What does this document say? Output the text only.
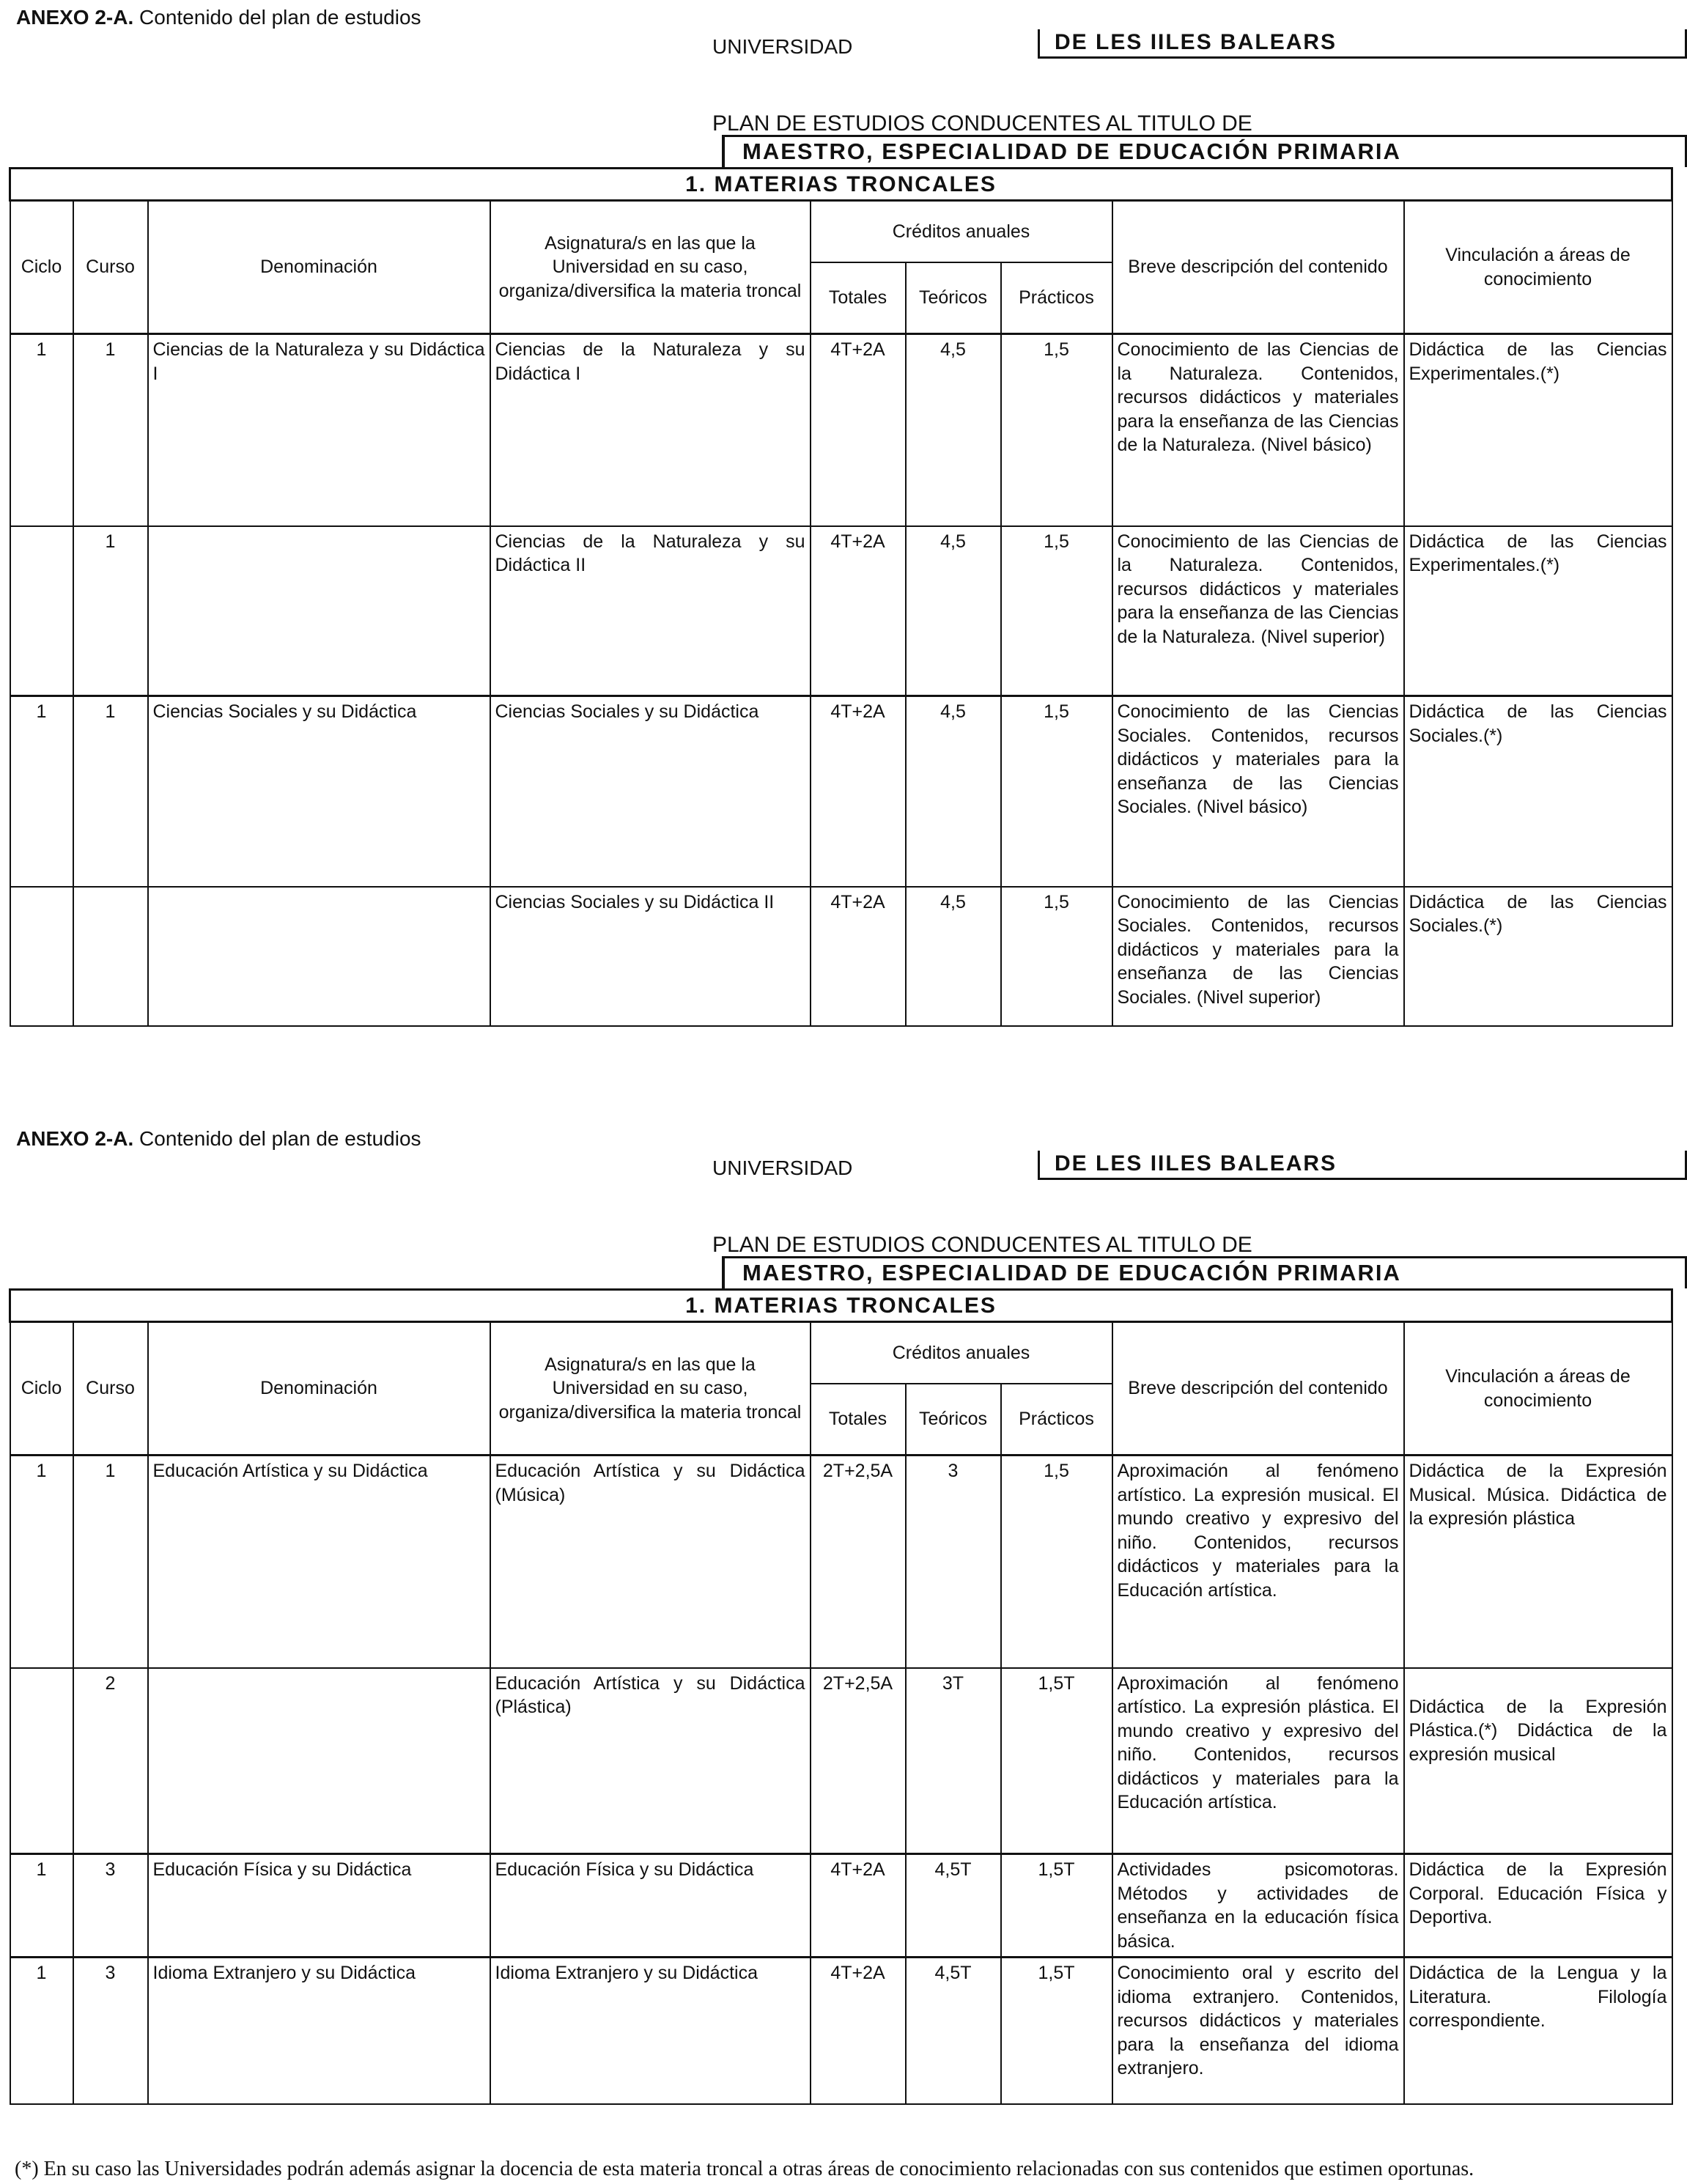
ANEXO 2-A. Contenido del plan de estudios
UNIVERSIDAD	DE LES IILES BALEARS
PLAN DE ESTUDIOS CONDUCENTES AL TITULO DE
MAESTRO, ESPECIALIDAD DE EDUCACIÓN PRIMARIA
1. MATERIAS TRONCALES								
Ciclo	Curso	Denominación	Asignatura/s en las que la Universidad en su caso, organiza/diversifica la materia troncal	Créditos anuales			Breve descripción del contenido	Vinculación a áreas de conocimiento
				Totales	Teóricos	Prácticos		
1	1	Ciencias de la Naturaleza y su Didáctica I	Ciencias de la Naturaleza y su Didáctica I	4T+2A	4,5	1,5	Conocimiento de las Ciencias de la Naturaleza. Contenidos, recursos didácticos y materiales para la enseñanza de las Ciencias de la Naturaleza. (Nivel básico)	Didáctica de las Ciencias Experimentales.(*)
	1		Ciencias de la Naturaleza y su Didáctica II	4T+2A	4,5	1,5	Conocimiento de las Ciencias de la Naturaleza. Contenidos, recursos didácticos y materiales para la enseñanza de las Ciencias de la Naturaleza. (Nivel superior)	Didáctica de las Ciencias Experimentales.(*)
1	1	Ciencias Sociales y su Didáctica	Ciencias Sociales y su Didáctica	4T+2A	4,5	1,5	Conocimiento de las Ciencias Sociales. Contenidos, recursos didácticos y materiales para la enseñanza de las Ciencias Sociales. (Nivel básico)	Didáctica de las Ciencias Sociales.(*)
			Ciencias Sociales y su Didáctica II	4T+2A	4,5	1,5	Conocimiento de las Ciencias Sociales. Contenidos, recursos didácticos y materiales para la enseñanza de las Ciencias Sociales. (Nivel superior)	Didáctica de las Ciencias Sociales.(*)

ANEXO 2-A. Contenido del plan de estudios
UNIVERSIDAD	DE LES IILES BALEARS
PLAN DE ESTUDIOS CONDUCENTES AL TITULO DE
MAESTRO, ESPECIALIDAD DE EDUCACIÓN PRIMARIA
1. MATERIAS TRONCALES								
Ciclo	Curso	Denominación	Asignatura/s en las que la Universidad en su caso, organiza/diversifica la materia troncal	Créditos anuales			Breve descripción del contenido	Vinculación a áreas de conocimiento
				Totales	Teóricos	Prácticos		
1	1	Educación Artística y su Didáctica	Educación Artística y su Didáctica (Música)	2T+2,5A	3	1,5	Aproximación al fenómeno artístico. La expresión musical. El mundo creativo y expresivo del niño. Contenidos, recursos didácticos y materiales para la Educación artística.	Didáctica de la Expresión Musical. Música. Didáctica de la expresión plástica
	2		Educación Artística y su Didáctica (Plástica)	2T+2,5A	3T	1,5T	Aproximación al fenómeno artístico. La expresión plástica. El mundo creativo y expresivo del niño. Contenidos, recursos didácticos y materiales para la Educación artística.	Didáctica de la Expresión Plástica.(*) Didáctica de la expresión musical
1	3	Educación Física y su Didáctica	Educación Física y su Didáctica	4T+2A	4,5T	1,5T	Actividades psicomotoras. Métodos y actividades de enseñanza en la educación física básica.	Didáctica de la Expresión Corporal. Educación Física y Deportiva.
1	3	Idioma Extranjero y su Didáctica	Idioma Extranjero y su Didáctica	4T+2A	4,5T	1,5T	Conocimiento oral y escrito del idioma extranjero. Contenidos, recursos didácticos y materiales para la enseñanza del idioma extranjero.	Didáctica de la Lengua y la Literatura. Filología correspondiente.
(*) En su caso las Universidades podrán además asignar la docencia de esta materia troncal a otras áreas de conocimiento relacionadas con sus contenidos que estimen oportunas.
